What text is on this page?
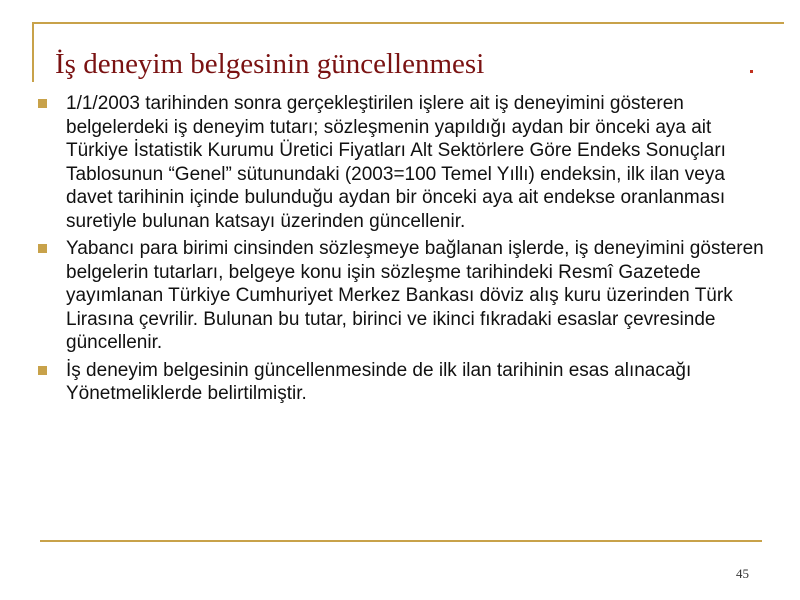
İş deneyim belgesinin güncellenmesi
1/1/2003 tarihinden sonra gerçekleştirilen işlere ait iş deneyimini gösteren belgelerdeki iş deneyim tutarı; sözleşmenin yapıldığı aydan bir önceki aya ait Türkiye İstatistik Kurumu Üretici Fiyatları Alt Sektörlere Göre Endeks Sonuçları Tablosunun “Genel” sütunundaki (2003=100 Temel Yıllı) endeksin, ilk ilan veya davet tarihinin içinde bulunduğu aydan bir önceki aya ait endekse oranlanması suretiyle bulunan katsayı üzerinden güncellenir.
Yabancı para birimi cinsinden sözleşmeye bağlanan işlerde, iş deneyimini gösteren belgelerin tutarları, belgeye konu işin sözleşme tarihindeki Resmî Gazetede yayımlanan Türkiye Cumhuriyet Merkez Bankası döviz alış kuru üzerinden Türk Lirasına çevrilir. Bulunan bu tutar, birinci ve ikinci fıkradaki esaslar çevresinde güncellenir.
İş deneyim belgesinin güncellenmesinde de ilk ilan tarihinin esas alınacağı Yönetmeliklerde belirtilmiştir.
45
